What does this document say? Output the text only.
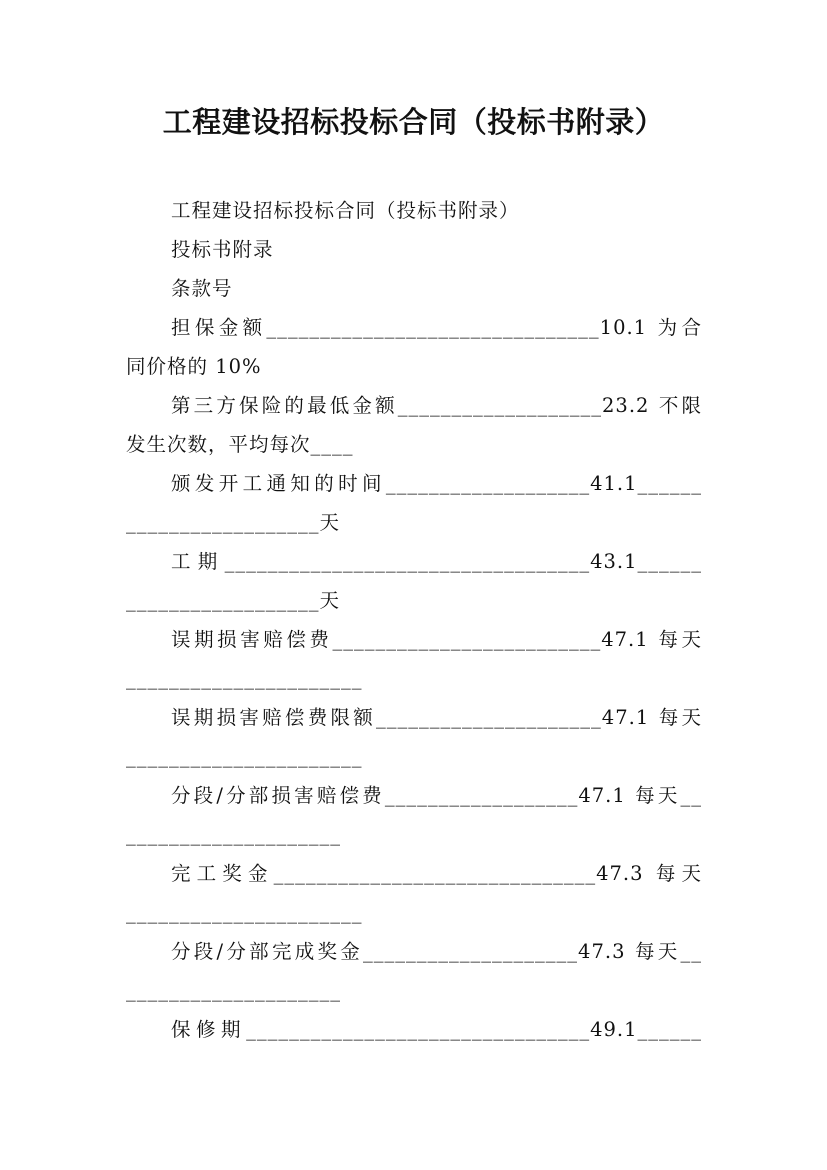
工程建设招标投标合同（投标书附录）
工程建设招标投标合同（投标书附录）
投标书附录
条款号
担保金额_______________________________10.1 为合
同价格的 10%
第三方保险的最低金额___________________23.2 不限
发生次数，平均每次____
颁发开工通知的时间___________________41.1______
__________________天
工期__________________________________43.1______
__________________天
误期损害赔偿费_________________________47.1 每天
______________________
误期损害赔偿费限额_____________________47.1 每天
______________________
分段/分部损害赔偿费__________________47.1 每天__
____________________
完工奖金______________________________47.3 每天
______________________
分段/分部完成奖金____________________47.3 每天__
____________________
保修期________________________________49.1______
